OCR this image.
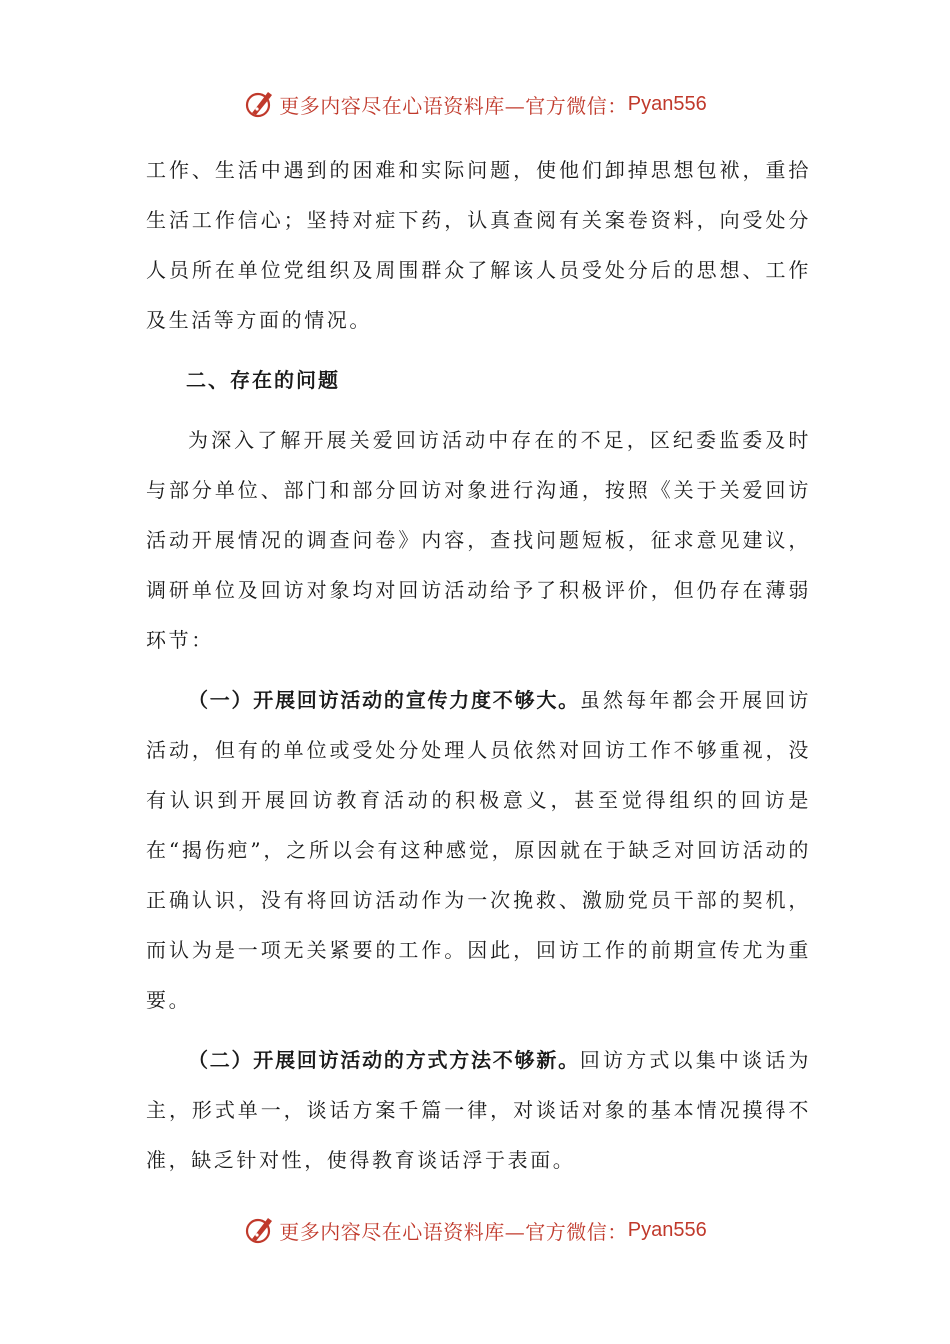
更多内容尽在心语资料库—官方微信： Pyan556

工作、生活中遇到的困难和实际问题，使他们卸掉思想包袱，重拾生活工作信心；坚持对症下药，认真查阅有关案卷资料，向受处分人员所在单位党组织及周围群众了解该人员受处分后的思想、工作及生活等方面的情况。

二、存在的问题

为深入了解开展关爱回访活动中存在的不足，区纪委监委及时与部分单位、部门和部分回访对象进行沟通，按照《关于关爱回访活动开展情况的调查问卷》内容，查找问题短板，征求意见建议，调研单位及回访对象均对回访活动给予了积极评价，但仍存在薄弱环节：

（一）开展回访活动的宣传力度不够大。虽然每年都会开展回访活动，但有的单位或受处分处理人员依然对回访工作不够重视，没有认识到开展回访教育活动的积极意义，甚至觉得组织的回访是在“揭伤疤”，之所以会有这种感觉，原因就在于缺乏对回访活动的正确认识，没有将回访活动作为一次挽救、激励党员干部的契机，而认为是一项无关紧要的工作。因此，回访工作的前期宣传尤为重要。

（二）开展回访活动的方式方法不够新。回访方式以集中谈话为主，形式单一，谈话方案千篇一律，对谈话对象的基本情况摸得不准，缺乏针对性，使得教育谈话浮于表面。

更多内容尽在心语资料库—官方微信： Pyan556
